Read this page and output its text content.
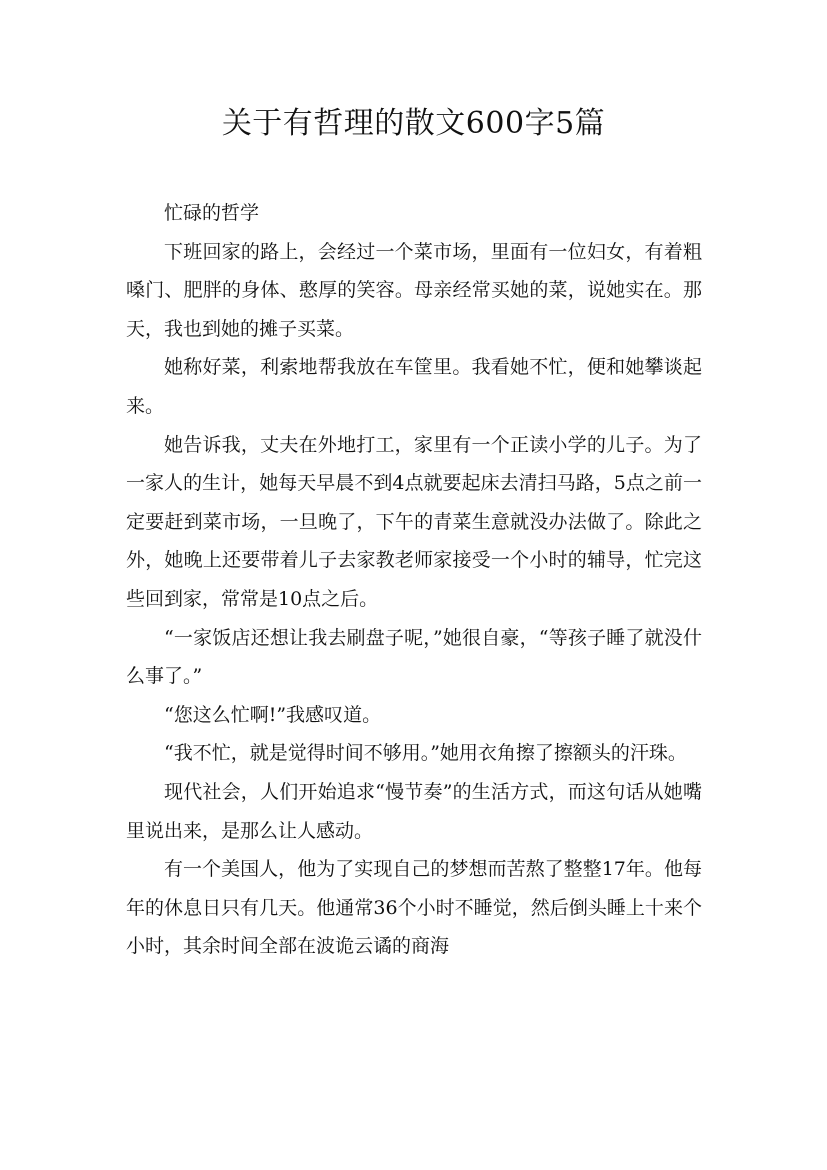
关于有哲理的散文600字5篇

忙碌的哲学

下班回家的路上，会经过一个菜市场，里面有一位妇女，有着粗嗓门、肥胖的身体、憨厚的笑容。母亲经常买她的菜，说她实在。那天，我也到她的摊子买菜。

她称好菜，利索地帮我放在车筐里。我看她不忙，便和她攀谈起来。

她告诉我，丈夫在外地打工，家里有一个正读小学的儿子。为了一家人的生计，她每天早晨不到4点就要起床去清扫马路，5点之前一定要赶到菜市场，一旦晚了，下午的青菜生意就没办法做了。除此之外，她晚上还要带着儿子去家教老师家接受一个小时的辅导，忙完这些回到家，常常是10点之后。

“一家饭店还想让我去刷盘子呢，”她很自豪，“等孩子睡了就没什么事了。”

“您这么忙啊!”我感叹道。

“我不忙，就是觉得时间不够用。”她用衣角擦了擦额头的汗珠。

现代社会，人们开始追求“慢节奏”的生活方式，而这句话从她嘴里说出来，是那么让人感动。

有一个美国人，他为了实现自己的梦想而苦熬了整整17年。他每年的休息日只有几天。他通常36个小时不睡觉，然后倒头睡上十来个小时，其余时间全部在波诡云谲的商海
